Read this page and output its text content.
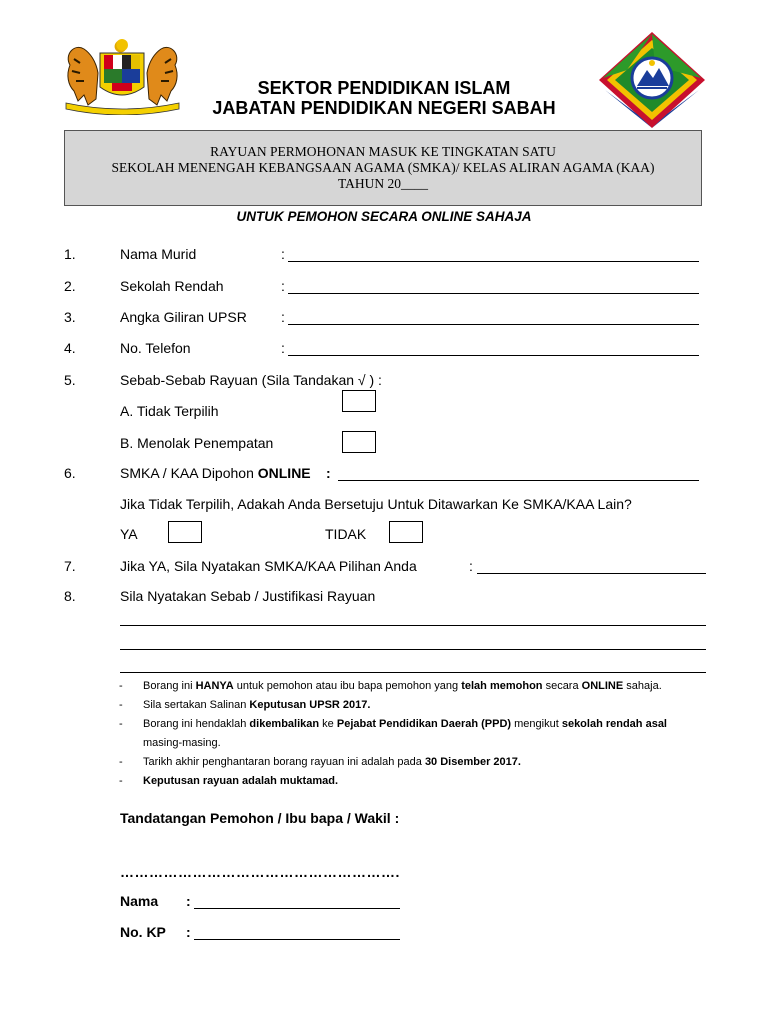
SEKTOR PENDIDIKAN ISLAM
JABATAN PENDIDIKAN NEGERI SABAH
RAYUAN PERMOHONAN MASUK KE TINGKATAN SATU
SEKOLAH MENENGAH KEBANGSAAN AGAMA (SMKA)/ KELAS ALIRAN AGAMA (KAA)
TAHUN 20____
UNTUK PEMOHON SECARA ONLINE SAHAJA
1.	Nama Murid	:
2.	Sekolah Rendah	:
3.	Angka Giliran UPSR :
4.	No. Telefon	:
5.	Sebab-Sebab Rayuan (Sila Tandakan √ ) :
A. Tidak Terpilih
B. Menolak Penempatan
6.	SMKA / KAA Dipohon ONLINE :
Jika Tidak Terpilih, Adakah Anda Bersetuju Untuk Ditawarkan Ke SMKA/KAA Lain?
YA	TIDAK
7.	Jika YA, Sila Nyatakan SMKA/KAA Pilihan Anda	:
8.	Sila Nyatakan Sebab / Justifikasi Rayuan
- Borang ini HANYA untuk pemohon atau ibu bapa pemohon yang telah memohon secara ONLINE sahaja.
- Sila sertakan Salinan Keputusan UPSR 2017.
- Borang ini hendaklah dikembalikan ke Pejabat Pendidikan Daerah (PPD) mengikut sekolah rendah asal
masing-masing.
- Tarikh akhir penghantaran borang rayuan ini adalah pada 30 Disember 2017.
- Keputusan rayuan adalah muktamad.
Tandatangan Pemohon / Ibu bapa / Wakil :
………………………………………………….
Nama :
No. KP :
